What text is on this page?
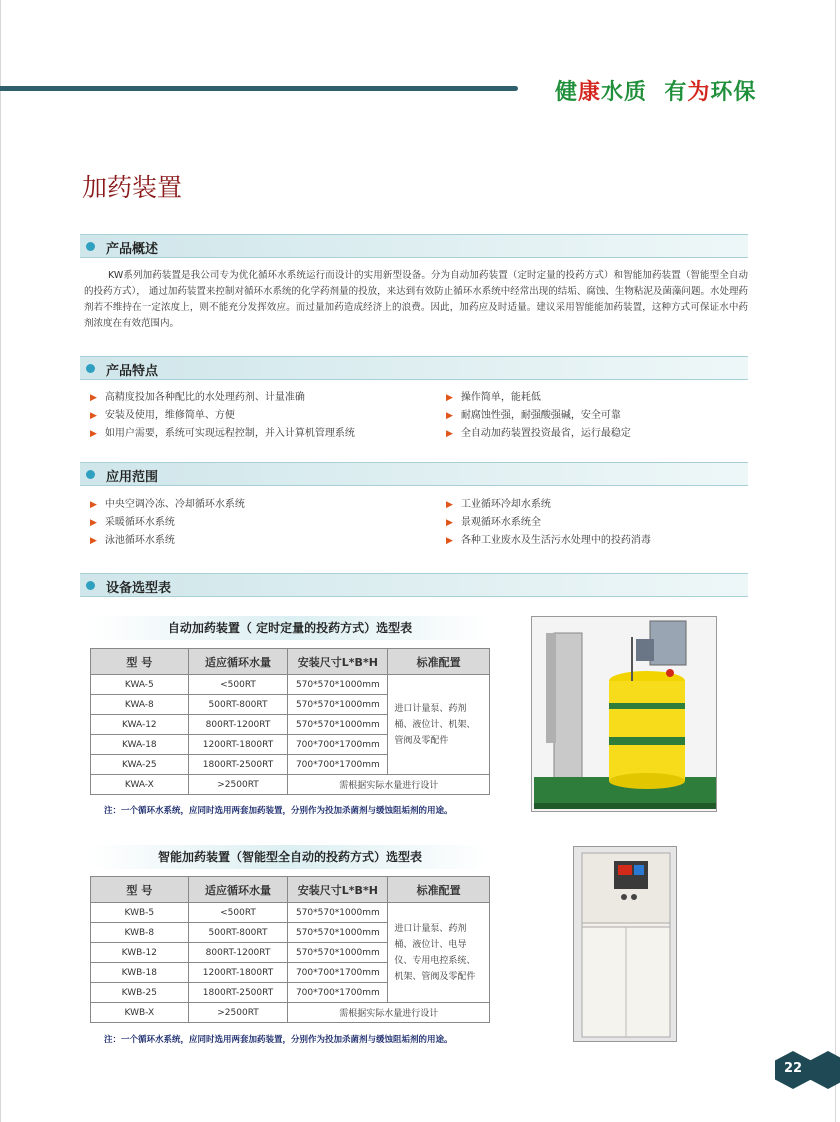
健康水质 有为环保
加药装置
产品概述
KW系列加药装置是我公司专为优化循环水系统运行而设计的实用新型设备。分为自动加药装置（定时定量的投药方式）和智能加药装置（智能型全自动的投药方式）， 通过加药装置来控制对循环水系统的化学药剂量的投放，来达到有效防止循环水系统中经常出现的结垢、腐蚀、生物粘泥及菌藻问题。水处理药剂若不维持在一定浓度上，则不能充分发挥效应。而过量加药造成经济上的浪费。因此，加药应及时适量。建议采用智能能加药装置，这种方式可保证水中药剂浓度在有效范围内。
产品特点
▶ 高精度投加各种配比的水处理药剂、计量准确
▶ 安装及使用，维修简单、方便
▶ 如用户需要，系统可实现远程控制，并入计算机管理系统
▶ 操作简单，能耗低
▶ 耐腐蚀性强，耐强酸强碱，安全可靠
▶ 全自动加药装置投资最省，运行最稳定
应用范围
▶ 中央空调冷冻、冷却循环水系统
▶ 采暖循环水系统
▶ 泳池循环水系统
▶ 工业循环冷却水系统
▶ 景观循环水系统全
▶ 各种工业废水及生活污水处理中的投药消毒
设备选型表
自动加药装置（ 定时定量的投药方式）选型表
型 号	适应循环水量	安装尺寸L*B*H	标准配置
KWA-5	<500RT	570*570*1000mm	进口计量泵、药剂桶、液位计、机架、管阀及零配件
KWA-8	500RT-800RT	570*570*1000mm	
KWA-12	800RT-1200RT	570*570*1000mm	
KWA-18	1200RT-1800RT	700*700*1700mm	
KWA-25	1800RT-2500RT	700*700*1700mm	
KWA-X	>2500RT	需根据实际水量进行设计	
注：一个循环水系统，应同时选用两套加药装置，分别作为投加杀菌剂与缓蚀阻垢剂的用途。
智能加药装置（智能型全自动的投药方式）选型表
型 号	适应循环水量	安装尺寸L*B*H	标准配置
KWB-5	<500RT	570*570*1000mm	进口计量泵、药剂桶、液位计、电导仪、专用电控系统、机架、管阀及零配件
KWB-8	500RT-800RT	570*570*1000mm	
KWB-12	800RT-1200RT	570*570*1000mm	
KWB-18	1200RT-1800RT	700*700*1700mm	
KWB-25	1800RT-2500RT	700*700*1700mm	
KWB-X	>2500RT	需根据实际水量进行设计	
注：一个循环水系统，应同时选用两套加药装置，分别作为投加杀菌剂与缓蚀阻垢剂的用途。
22
